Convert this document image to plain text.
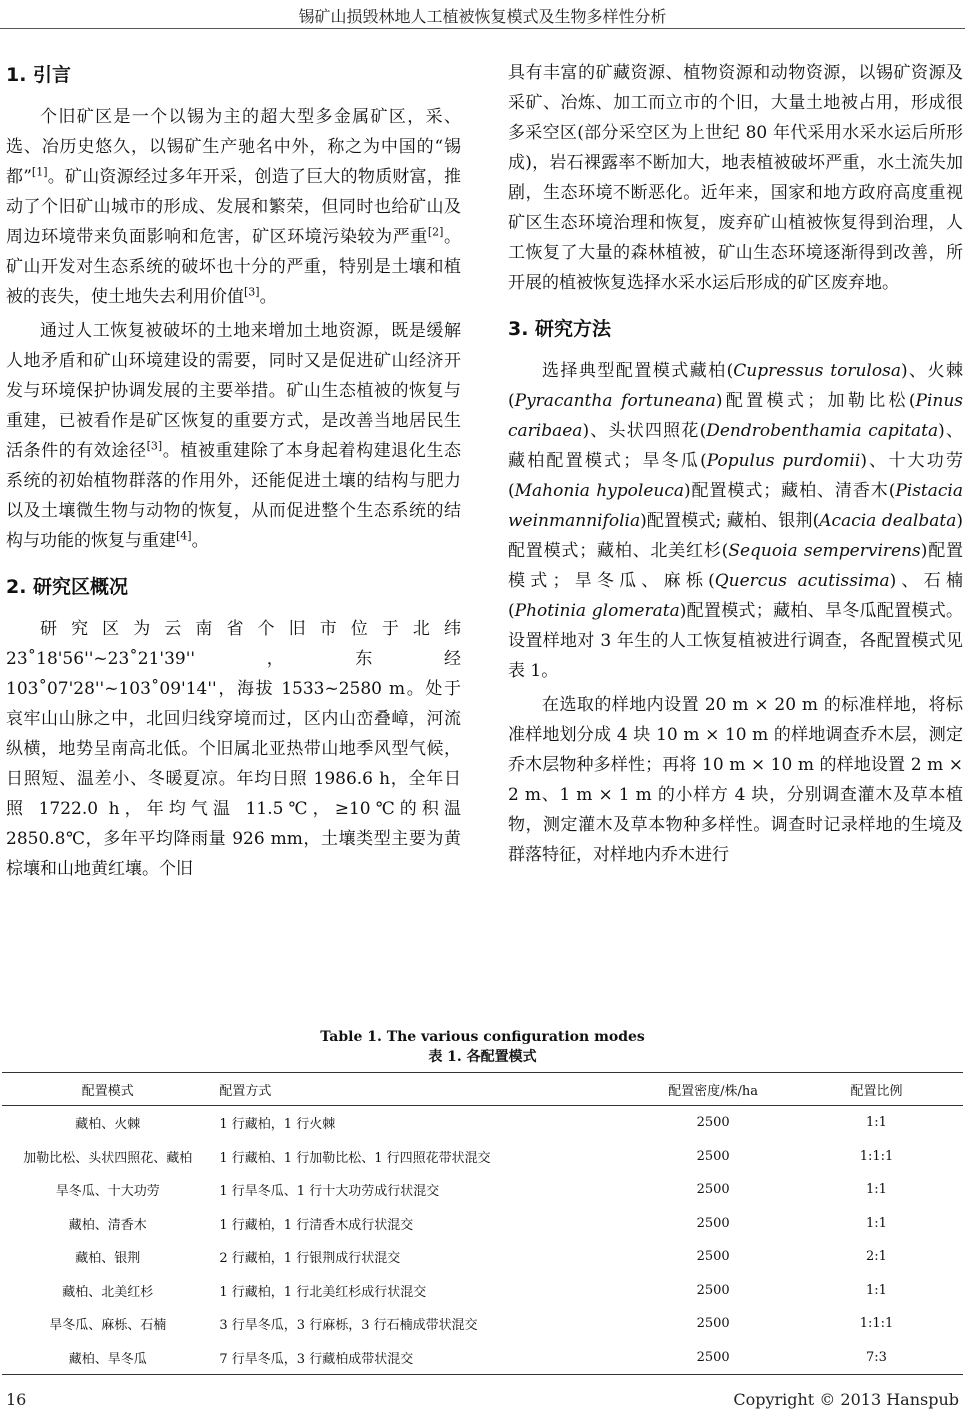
锡矿山损毁林地人工植被恢复模式及生物多样性分析
1. 引言

个旧矿区是一个以锡为主的超大型多金属矿区，采、选、冶历史悠久，以锡矿生产驰名中外，称之为中国的“锡都”[1]。矿山资源经过多年开采，创造了巨大的物质财富，推动了个旧矿山城市的形成、发展和繁荣，但同时也给矿山及周边环境带来负面影响和危害，矿区环境污染较为严重[2]。矿山开发对生态系统的破坏也十分的严重，特别是土壤和植被的丧失，使土地失去利用价值[3]。

通过人工恢复被破坏的土地来增加土地资源，既是缓解人地矛盾和矿山环境建设的需要，同时又是促进矿山经济开发与环境保护协调发展的主要举措。矿山生态植被的恢复与重建，已被看作是矿区恢复的重要方式，是改善当地居民生活条件的有效途径[3]。植被重建除了本身起着构建退化生态系统的初始植物群落的作用外，还能促进土壤的结构与肥力以及土壤微生物与动物的恢复，从而促进整个生态系统的结构与功能的恢复与重建[4]。

2. 研究区概况

研究区为云南省个旧市位于北纬 23˚18'56''~23˚21'39''，东经 103˚07'28''~103˚09'14''，海拔 1533~2580 m。处于哀牢山山脉之中，北回归线穿境而过，区内山峦叠嶂，河流纵横，地势呈南高北低。个旧属北亚热带山地季风型气候，日照短、温差小、冬暖夏凉。年均日照 1986.6 h，全年日照 1722.0 h，年均气温 11.5℃，≥10℃的积温 2850.8℃，多年平均降雨量 926 mm，土壤类型主要为黄棕壤和山地黄红壤。个旧

具有丰富的矿藏资源、植物资源和动物资源，以锡矿资源及采矿、冶炼、加工而立市的个旧，大量土地被占用，形成很多采空区(部分采空区为上世纪 80 年代采用水采水运后所形成)，岩石裸露率不断加大，地表植被破坏严重，水土流失加剧，生态环境不断恶化。近年来，国家和地方政府高度重视矿区生态环境治理和恢复，废弃矿山植被恢复得到治理，人工恢复了大量的森林植被，矿山生态环境逐渐得到改善，所开展的植被恢复选择水采水运后形成的矿区废弃地。

3. 研究方法

选择典型配置模式藏柏(Cupressus torulosa)、火棘(Pyracantha fortuneana)配置模式；加勒比松(Pinus caribaea)、头状四照花(Dendrobenthamia capitata)、藏柏配置模式；旱冬瓜(Populus purdomii)、十大功劳(Mahonia hypoleuca)配置模式；藏柏、清香木(Pistacia weinmannifolia)配置模式; 藏柏、银荆(Acacia dealbata)配置模式；藏柏、北美红杉(Sequoia sempervirens)配置模式；旱冬瓜、麻栎(Quercus acutissima)、石楠(Photinia glomerata)配置模式；藏柏、旱冬瓜配置模式。设置样地对 3 年生的人工恢复植被进行调查，各配置模式见表 1。

在选取的样地内设置 20 m × 20 m 的标准样地，将标准样地划分成 4 块 10 m × 10 m 的样地调查乔木层，测定乔木层物种多样性；再将 10 m × 10 m 的样地设置 2 m × 2 m、1 m × 1 m 的小样方 4 块，分别调查灌木及草本植物，测定灌木及草本物种多样性。调查时记录样地的生境及群落特征，对样地内乔木进行

Table 1. The various configuration modes
表 1. 各配置模式
配置模式	配置方式	配置密度/株/ha	配置比例
藏柏、火棘	1 行藏柏，1 行火棘	2500	1:1
加勒比松、头状四照花、藏柏	1 行藏柏、1 行加勒比松、1 行四照花带状混交	2500	1:1:1
旱冬瓜、十大功劳	1 行旱冬瓜、1 行十大功劳成行状混交	2500	1:1
藏柏、清香木	1 行藏柏，1 行清香木成行状混交	2500	1:1
藏柏、银荆	2 行藏柏，1 行银荆成行状混交	2500	2:1
藏柏、北美红杉	1 行藏柏，1 行北美红杉成行状混交	2500	1:1
旱冬瓜、麻栎、石楠	3 行旱冬瓜，3 行麻栎，3 行石楠成带状混交	2500	1:1:1
藏柏、旱冬瓜	7 行旱冬瓜，3 行藏柏成带状混交	2500	7:3
16	Copyright © 2013 Hanspub
